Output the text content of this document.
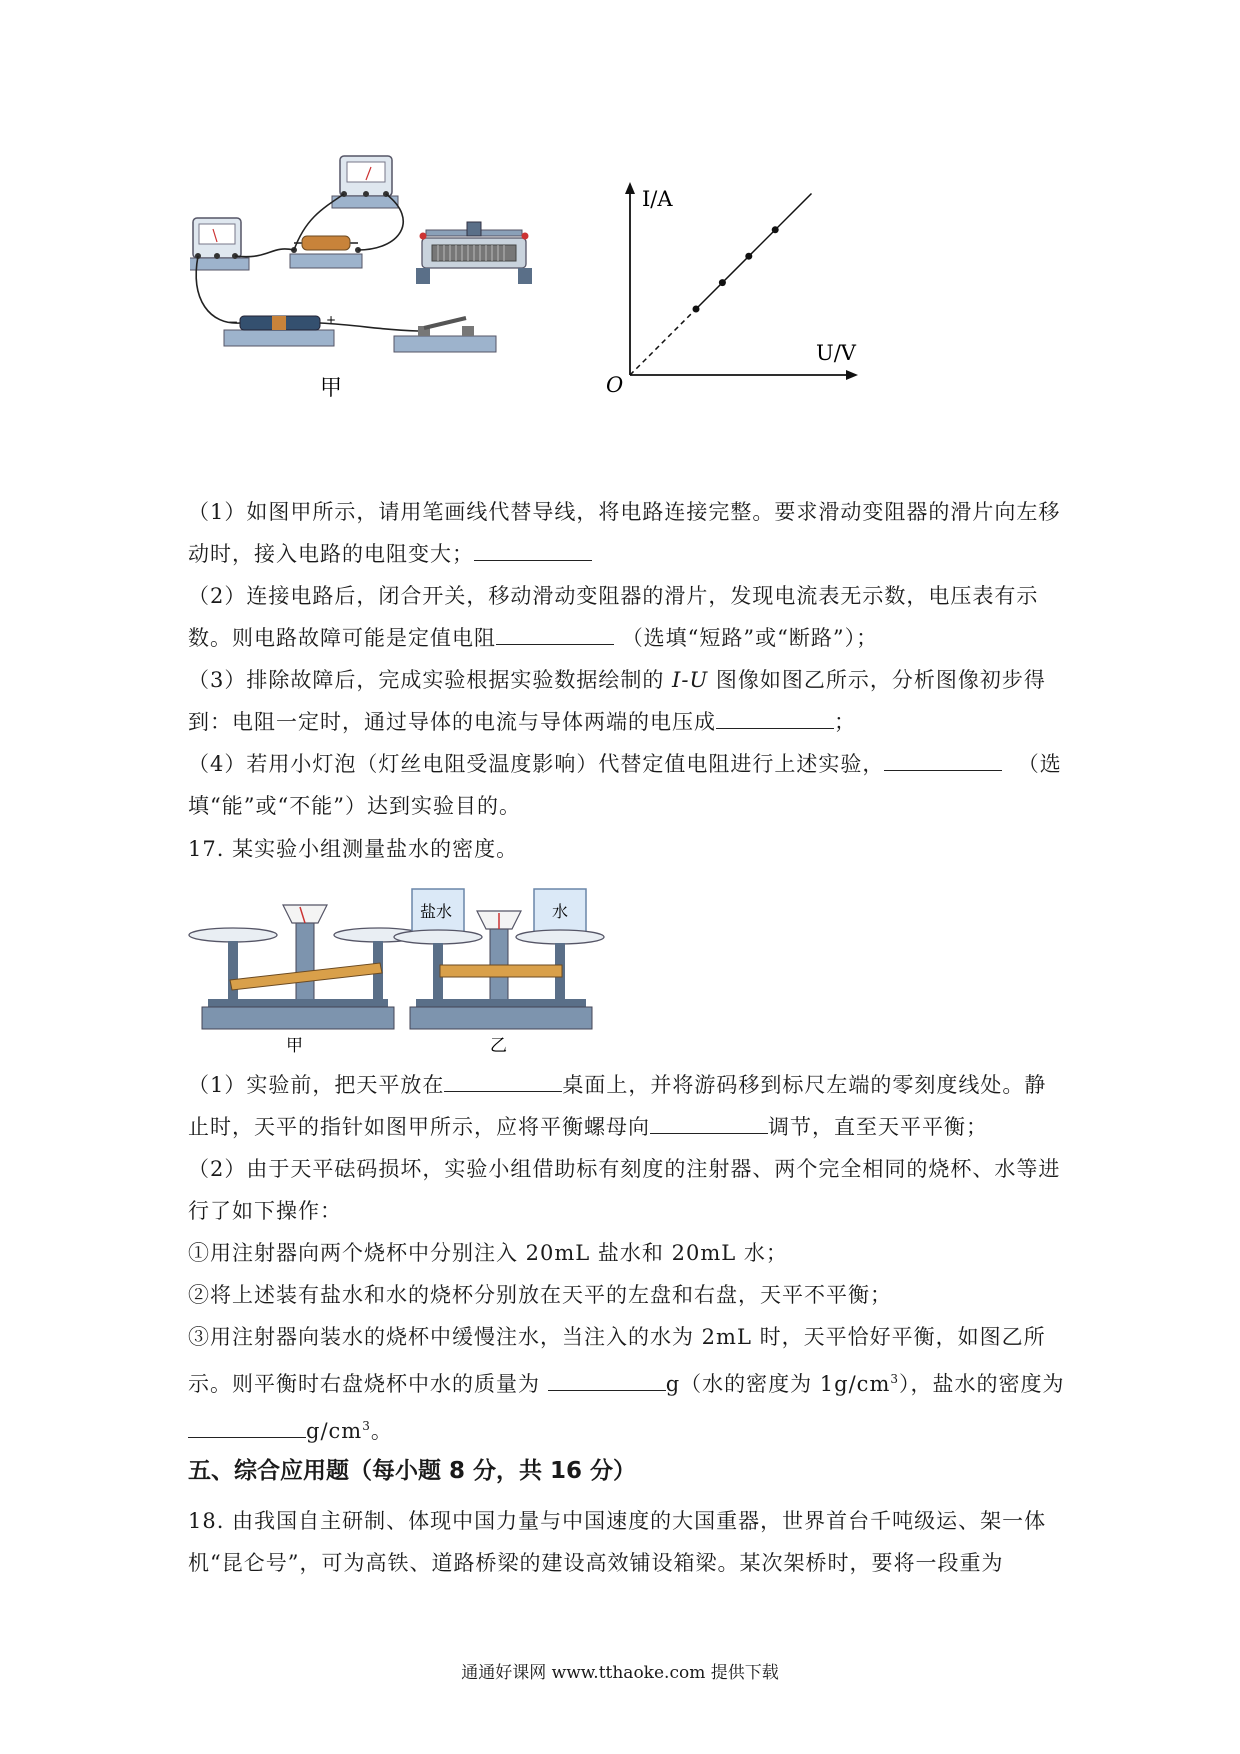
−	+
甲
I/A
U/V
O
（1）如图甲所示，请用笔画线代替导线，将电路连接完整。要求滑动变阻器的滑片向左移
动时，接入电路的电阻变大；
（2）连接电路后，闭合开关，移动滑动变阻器的滑片，发现电流表无示数，电压表有示
数。则电路故障可能是定值电阻	（选填“短路”或“断路”）；
（3）排除故障后，完成实验根据实验数据绘制的 I-U 图像如图乙所示，分析图像初步得
到：电阻一定时，通过导体的电流与导体两端的电压成	；
（4）若用小灯泡（灯丝电阻受温度影响）代替定值电阻进行上述实验，	（选
填“能”或“不能”）达到实验目的。
17. 某实验小组测量盐水的密度。
甲
盐水	水
乙
（1）实验前，把天平放在	桌面上，并将游码移到标尺左端的零刻度线处。静
止时，天平的指针如图甲所示，应将平衡螺母向	调节，直至天平平衡；
（2）由于天平砝码损坏，实验小组借助标有刻度的注射器、两个完全相同的烧杯、水等进
行了如下操作：
①用注射器向两个烧杯中分别注入 20mL 盐水和 20mL 水；
②将上述装有盐水和水的烧杯分别放在天平的左盘和右盘，天平不平衡；
③用注射器向装水的烧杯中缓慢注水，当注入的水为 2mL 时，天平恰好平衡，如图乙所
示。则平衡时右盘烧杯中水的质量为	g（水的密度为 $1g/cm^3$），盐水的密度为
$g/cm^3$。
五、综合应用题（每小题 8 分，共 16 分）
18. 由我国自主研制、体现中国力量与中国速度的大国重器，世界首台千吨级运、架一体
机“昆仑号”，可为高铁、道路桥梁的建设高效铺设箱梁。某次架桥时，要将一段重为
通通好课网 www.tthaoke.com 提供下载
